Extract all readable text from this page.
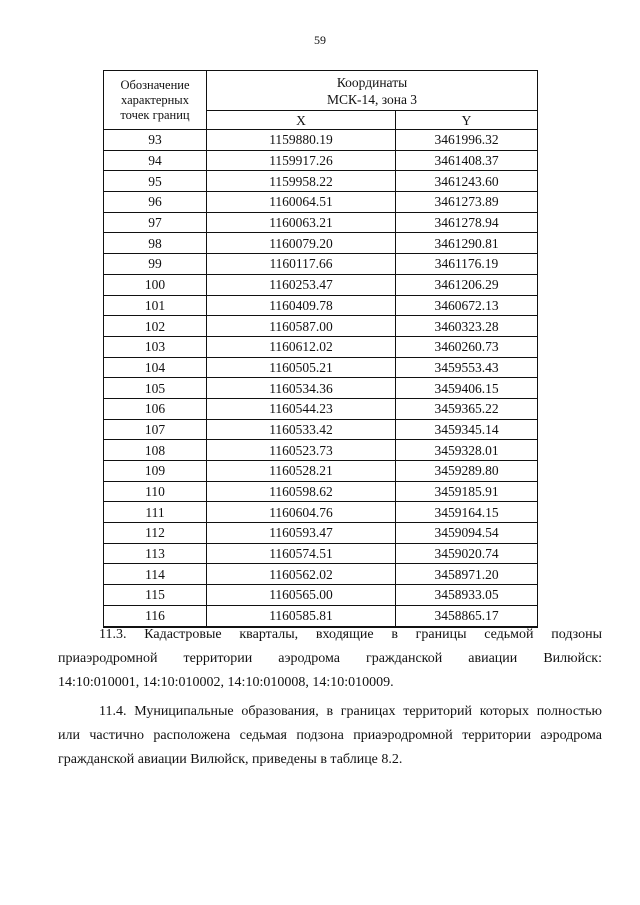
59
Обозначение
характерных
точек границ	Координаты
МСК-14, зона 3	
	X	Y
93	1159880.19	3461996.32
94	1159917.26	3461408.37
95	1159958.22	3461243.60
96	1160064.51	3461273.89
97	1160063.21	3461278.94
98	1160079.20	3461290.81
99	1160117.66	3461176.19
100	1160253.47	3461206.29
101	1160409.78	3460672.13
102	1160587.00	3460323.28
103	1160612.02	3460260.73
104	1160505.21	3459553.43
105	1160534.36	3459406.15
106	1160544.23	3459365.22
107	1160533.42	3459345.14
108	1160523.73	3459328.01
109	1160528.21	3459289.80
110	1160598.62	3459185.91
111	1160604.76	3459164.15
112	1160593.47	3459094.54
113	1160574.51	3459020.74
114	1160562.02	3458971.20
115	1160565.00	3458933.05
116	1160585.81	3458865.17

11.3. Кадастровые кварталы, входящие в границы седьмой подзоны
приаэродромной территории аэродрома гражданской авиации Вилюйск:
14:10:010001, 14:10:010002, 14:10:010008, 14:10:010009.

11.4. Муниципальные образования, в границах территорий которых полностью
или частично расположена седьмая подзона приаэродромной территории аэродрома
гражданской авиации Вилюйск, приведены в таблице 8.2.
